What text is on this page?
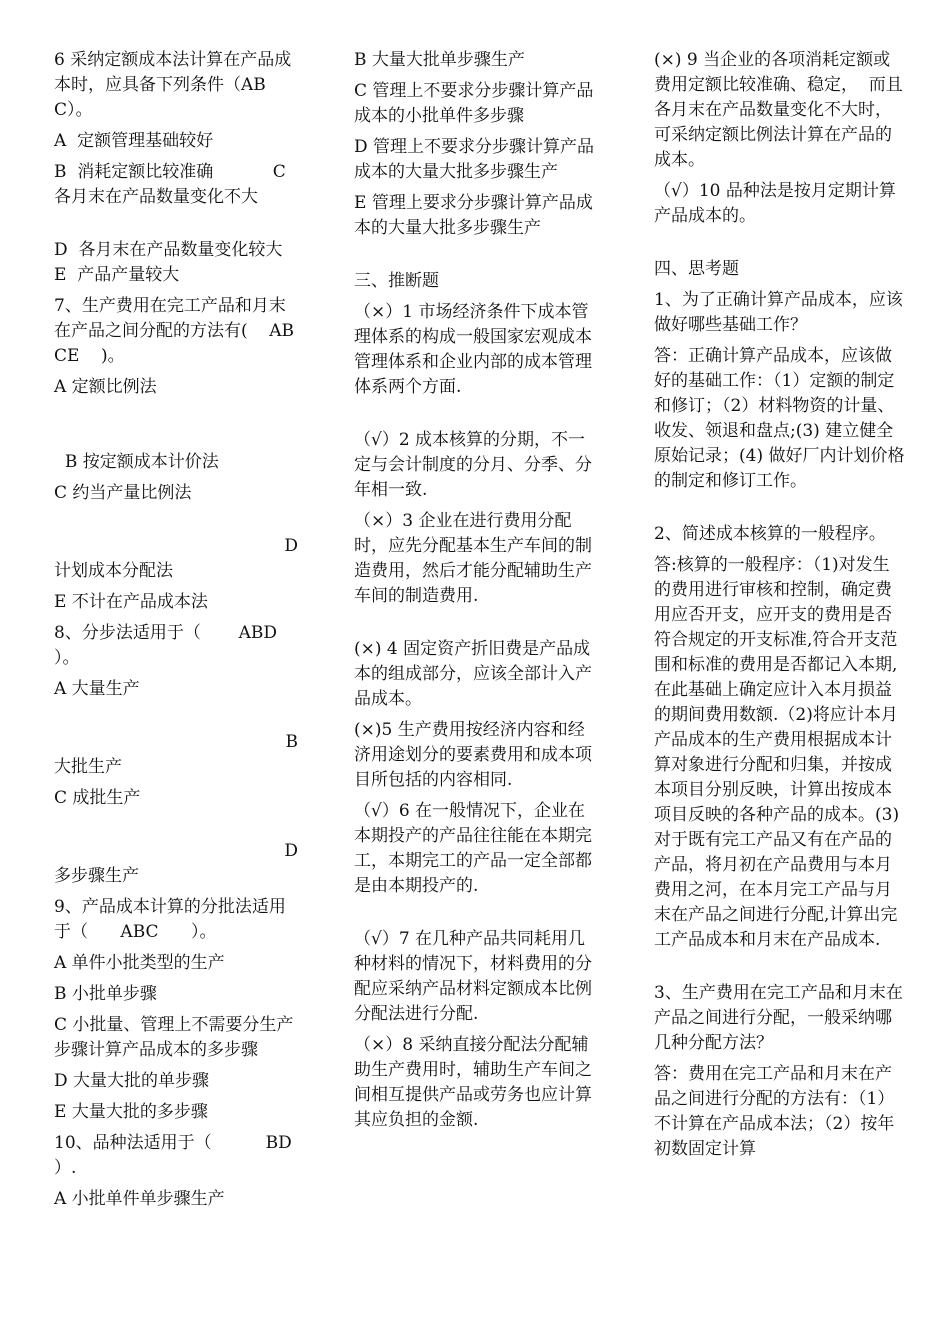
6 采纳定额成本法计算在产品成本时，应具备下列条件（ABC）。

A  定额管理基础较好

B  消耗定额比较准确           C  各月末在产品数量变化不大

D  各月末在产品数量变化较大          E  产品产量较大

7、生产费用在完工产品和月末在产品之间分配的方法有(    ABCE    )。

A 定额比例法

B 按定额成本计价法

C 约当产量比例法

D

计划成本分配法

E 不计在产品成本法

8、分步法适用于（       ABD      ）。

A 大量生产

B

大批生产

C 成批生产

D

多步骤生产

9、产品成本计算的分批法适用于（      ABC      ）。

A 单件小批类型的生产

B 小批单步骤

C 小批量、管理上不需要分生产步骤计算产品成本的多步骤

D 大量大批的单步骤

E 大量大批的多步骤

10、品种法适用于（          BD        ）.

A 小批单件单步骤生产

B 大量大批单步骤生产

C 管理上不要求分步骤计算产品成本的小批单件多步骤

D 管理上不要求分步骤计算产品成本的大量大批多步骤生产

E 管理上要求分步骤计算产品成本的大量大批多步骤生产

三、推断题

（×）1 市场经济条件下成本管理体系的构成一般国家宏观成本管理体系和企业内部的成本管理体系两个方面.

（√）2 成本核算的分期，不一定与会计制度的分月、分季、分年相一致.

（×）3 企业在进行费用分配时，应先分配基本生产车间的制造费用，然后才能分配辅助生产车间的制造费用.

(×) 4 固定资产折旧费是产品成本的组成部分，应该全部计入产品成本。

(×)5 生产费用按经济内容和经济用途划分的要素费用和成本项目所包括的内容相同.

（√）6 在一般情况下，企业在本期投产的产品往往能在本期完工，本期完工的产品一定全部都是由本期投产的.

（√）7 在几种产品共同耗用几种材料的情况下，材料费用的分配应采纳产品材料定额成本比例分配法进行分配.

（×）8 采纳直接分配法分配辅助生产费用时，辅助生产车间之间相互提供产品或劳务也应计算其应负担的金额.

(×) 9 当企业的各项消耗定额或费用定额比较准确、稳定，  而且各月末在产品数量变化不大时，可采纳定额比例法计算在产品的成本。

（√）10 品种法是按月定期计算产品成本的。

四、思考题

1、为了正确计算产品成本，应该做好哪些基础工作？

答：正确计算产品成本，应该做好的基础工作：（1）定额的制定和修订；（2）材料物资的计量、收发、领退和盘点;(3) 建立健全原始记录；(4) 做好厂内计划价格的制定和修订工作。

2、简述成本核算的一般程序。

答:核算的一般程序：（1)对发生的费用进行审核和控制，确定费用应否开支，应开支的费用是否符合规定的开支标准,符合开支范围和标准的费用是否都记入本期,在此基础上确定应计入本月损益的期间费用数额.（2)将应计本月产品成本的生产费用根据成本计算对象进行分配和归集，并按成本项目分别反映，计算出按成本项目反映的各种产品的成本。(3)对于既有完工产品又有在产品的产品，将月初在产品费用与本月费用之河，在本月完工产品与月末在产品之间进行分配,计算出完工产品成本和月末在产品成本.

3、生产费用在完工产品和月末在产品之间进行分配，一般采纳哪几种分配方法？

答：费用在完工产品和月末在产品之间进行分配的方法有：（1）不计算在产品成本法；（2）按年初数固定计算
